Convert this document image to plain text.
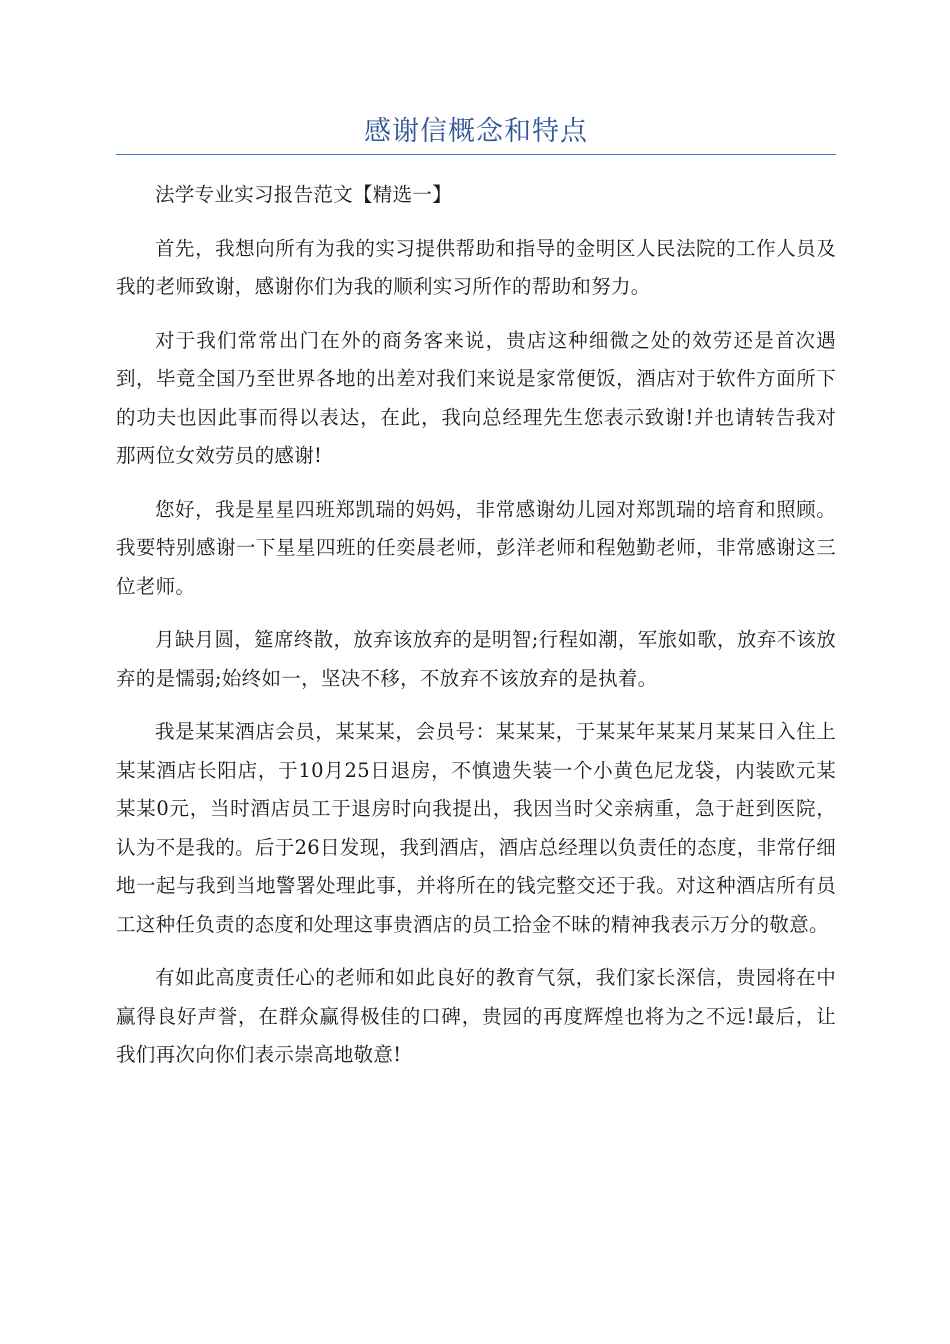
感谢信概念和特点

法学专业实习报告范文【精选一】

首先，我想向所有为我的实习提供帮助和指导的金明区人民法院的工作人员及我的老师致谢，感谢你们为我的顺利实习所作的帮助和努力。

对于我们常常出门在外的商务客来说，贵店这种细微之处的效劳还是首次遇到，毕竟全国乃至世界各地的出差对我们来说是家常便饭，酒店对于软件方面所下的功夫也因此事而得以表达，在此，我向总经理先生您表示致谢!并也请转告我对那两位女效劳员的感谢!

您好，我是星星四班郑凯瑞的妈妈，非常感谢幼儿园对郑凯瑞的培育和照顾。我要特别感谢一下星星四班的任奕晨老师，彭洋老师和程勉勤老师，非常感谢这三位老师。

月缺月圆，筵席终散，放弃该放弃的是明智;行程如潮，军旅如歌，放弃不该放弃的是懦弱;始终如一，坚决不移，不放弃不该放弃的是执着。

我是某某酒店会员，某某某，会员号：某某某，于某某年某某月某某日入住上某某酒店长阳店，于10月25日退房，不慎遗失装一个小黄色尼龙袋，内装欧元某某某0元，当时酒店员工于退房时向我提出，我因当时父亲病重，急于赶到医院，认为不是我的。后于26日发现，我到酒店，酒店总经理以负责任的态度，非常仔细地一起与我到当地警署处理此事，并将所在的钱完整交还于我。对这种酒店所有员工这种任负责的态度和处理这事贵酒店的员工拾金不昧的精神我表示万分的敬意。

有如此高度责任心的老师和如此良好的教育气氛，我们家长深信，贵园将在中赢得良好声誉，在群众赢得极佳的口碑，贵园的再度辉煌也将为之不远!最后，让我们再次向你们表示崇高地敬意!
